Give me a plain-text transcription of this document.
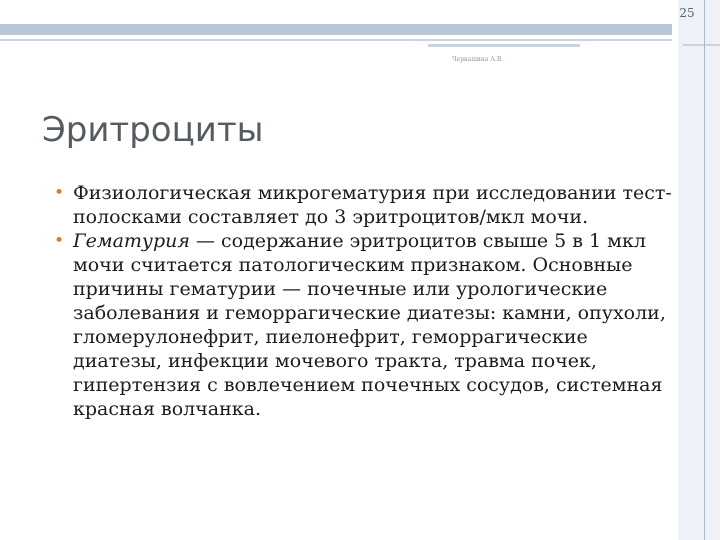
25
Черкашина А.В.
Эритроциты
• Физиологическая микрогематурия при исследовании тест-полосками составляет до 3 эритроцитов/мкл мочи.
• Гематурия — содержание эритроцитов свыше 5 в 1 мкл мочи считается патологическим признаком. Основные причины гематурии — почечные или урологические заболевания и геморрагические диатезы: камни, опухоли, гломерулонефрит, пиелонефрит, геморрагические диатезы, инфекции мочевого тракта, травма почек, гипертензия с вовлечением почечных сосудов, системная красная волчанка.
